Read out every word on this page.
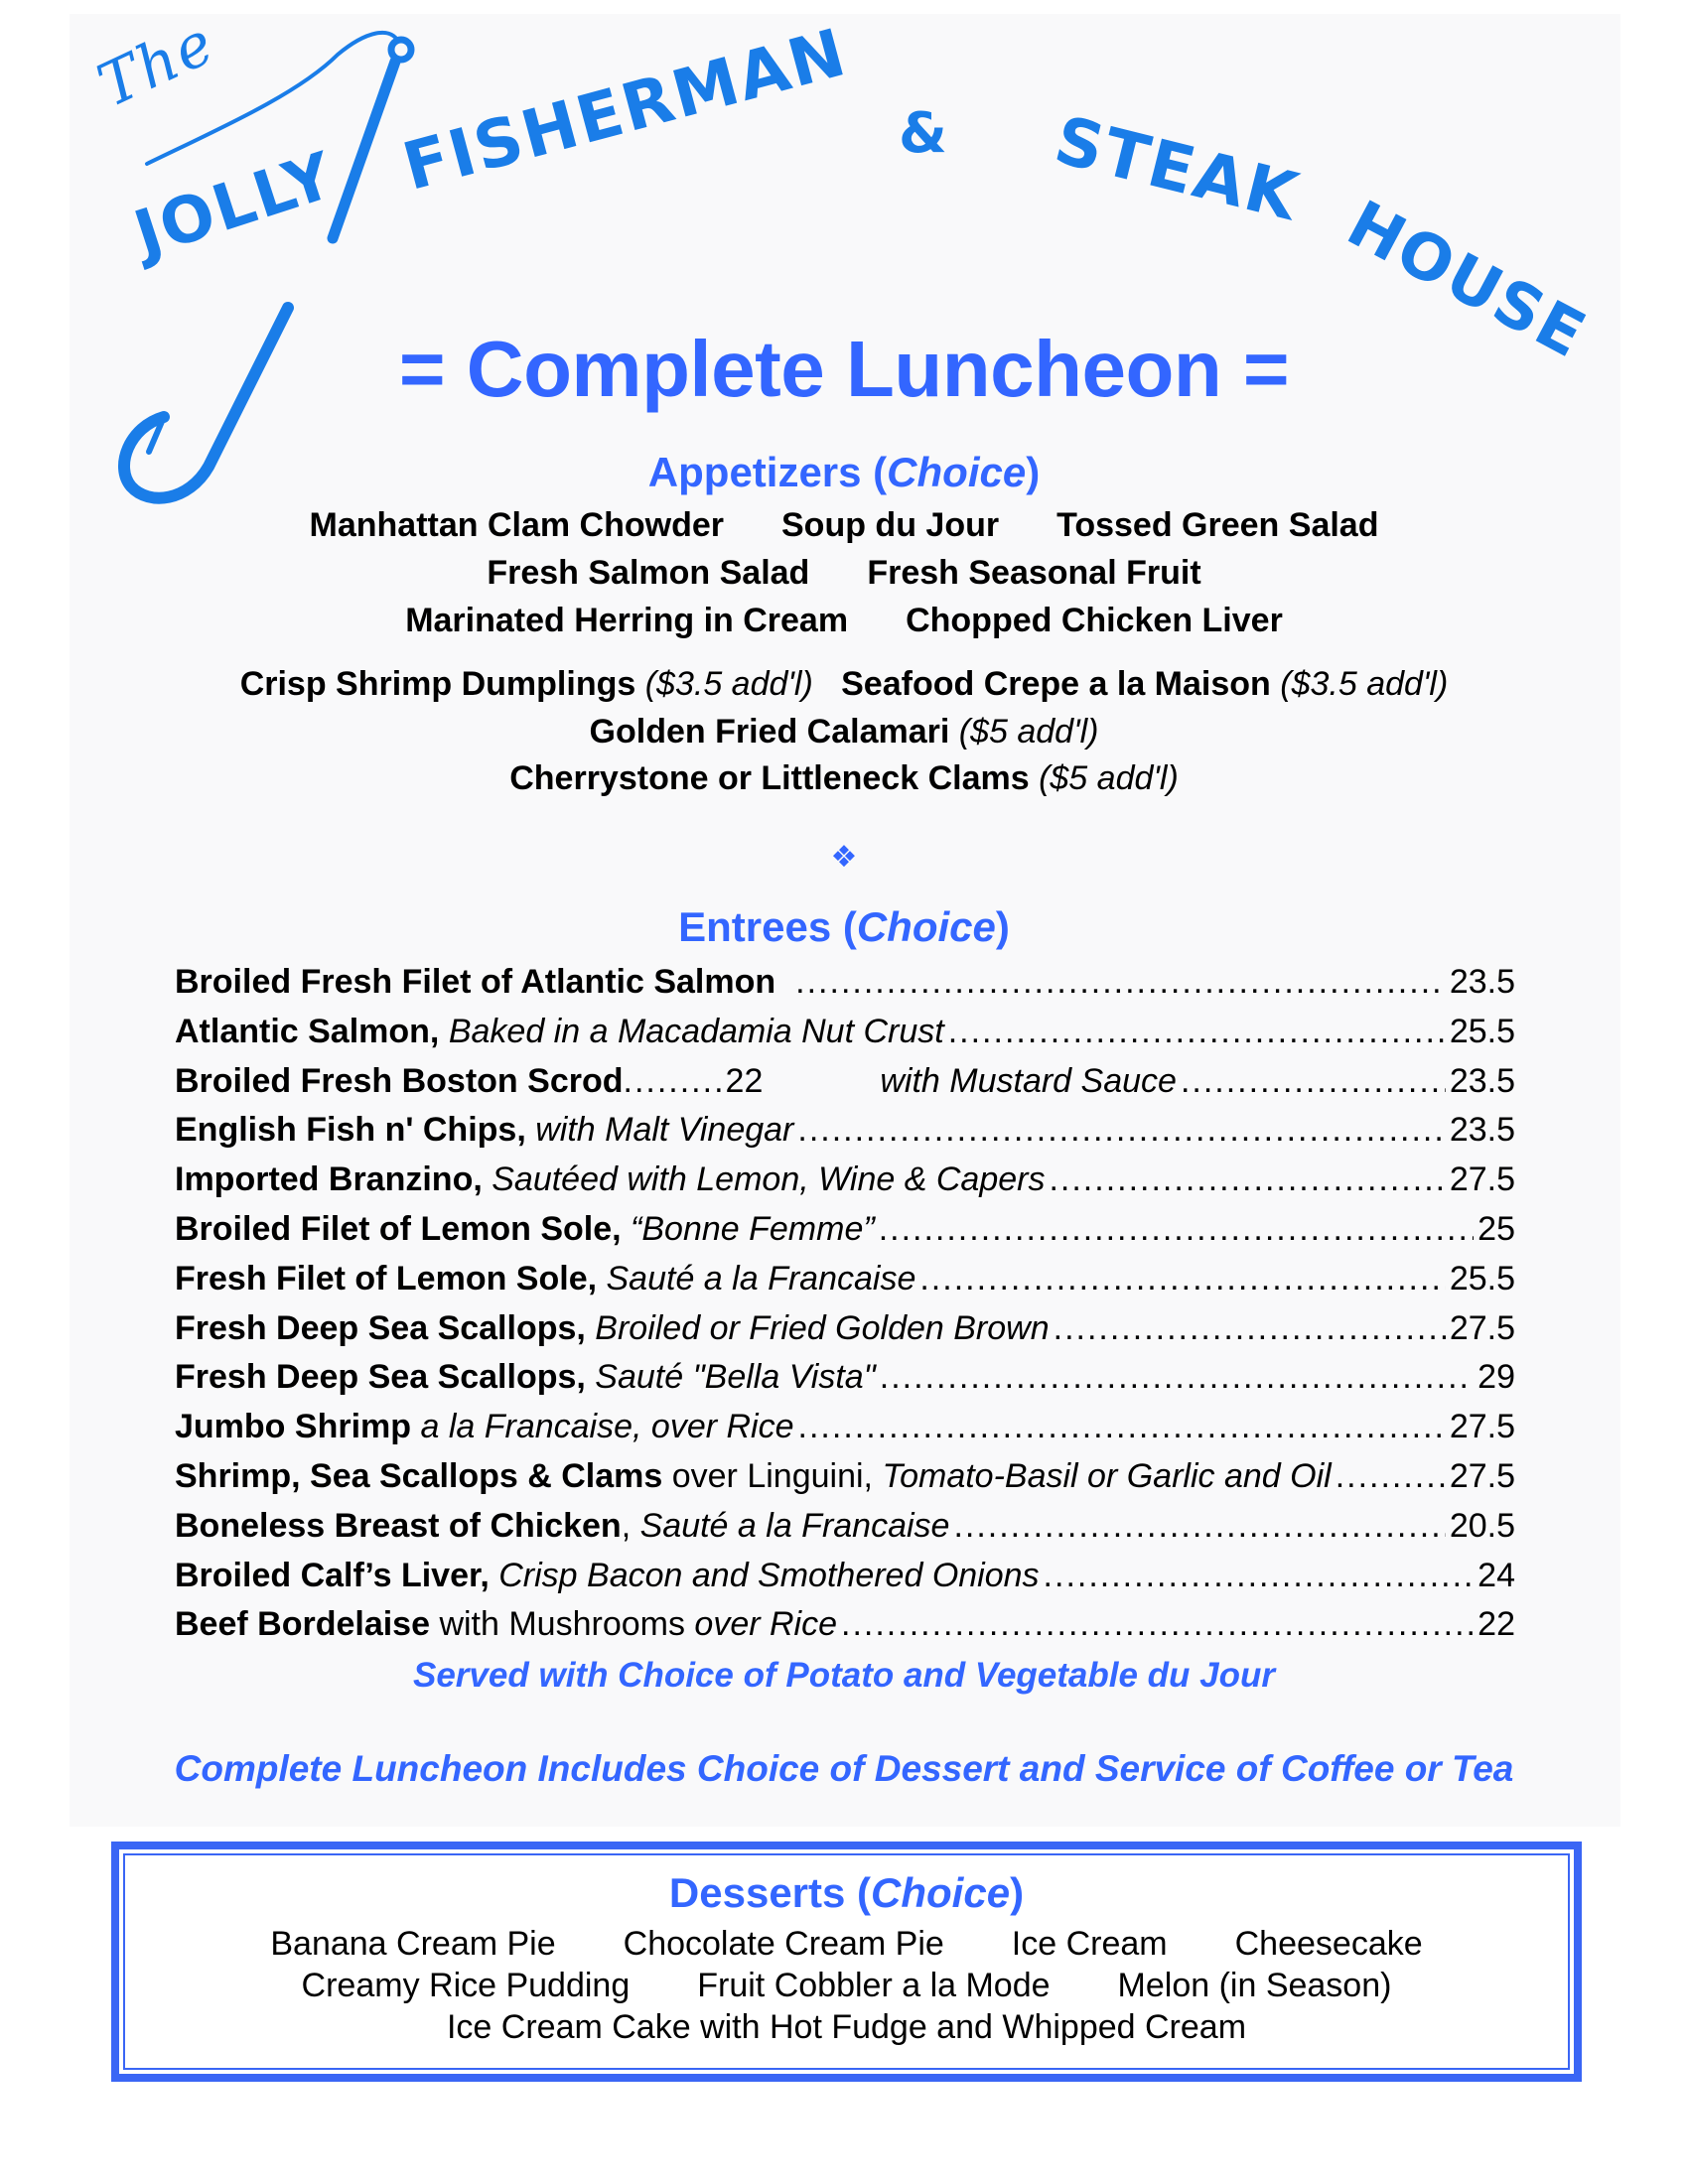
The
JOLLY FISHERMAN & STEAK
HOUSE
= Complete Luncheon =
Appetizers (Choice)
Manhattan Clam Chowder Soup du Jour Tossed Green Salad
Fresh Salmon Salad Fresh Seasonal Fruit
Marinated Herring in Cream Chopped Chicken Liver
Crisp Shrimp Dumplings ($3.5 add'l) Seafood Crepe a la Maison ($3.5 add'l)
Golden Fried Calamari ($5 add'l)
Cherrystone or Littleneck Clams ($5 add'l)
❖
Entrees (Choice)
Broiled Fresh Filet of Atlantic Salmon .....	23.5
Atlantic Salmon, Baked in a Macadamia Nut Crust .....	25.5
Broiled Fresh Boston Scrod ......... 22	with Mustard Sauce .....	23.5
English Fish n' Chips, with Malt Vinegar .....	23.5
Imported Branzino, Sautéed with Lemon, Wine & Capers .....	27.5
Broiled Filet of Lemon Sole, “Bonne Femme” .....	25
Fresh Filet of Lemon Sole, Sauté a la Francaise .....	25.5
Fresh Deep Sea Scallops, Broiled or Fried Golden Brown .....	27.5
Fresh Deep Sea Scallops, Sauté "Bella Vista" .....	29
Jumbo Shrimp a la Francaise, over Rice .....	27.5
Shrimp, Sea Scallops & Clams over Linguini, Tomato-Basil or Garlic and Oil .....	27.5
Boneless Breast of Chicken , Sauté a la Francaise .....	20.5
Broiled Calf’s Liver, Crisp Bacon and Smothered Onions .....	24
Beef Bordelaise with Mushrooms over Rice .....	22
Served with Choice of Potato and Vegetable du Jour
Complete Luncheon Includes Choice of Dessert and Service of Coffee or Tea
Desserts (Choice)
Banana Cream Pie Chocolate Cream Pie Ice Cream Cheesecake
Creamy Rice Pudding Fruit Cobbler a la Mode Melon (in Season)
Ice Cream Cake with Hot Fudge and Whipped Cream
